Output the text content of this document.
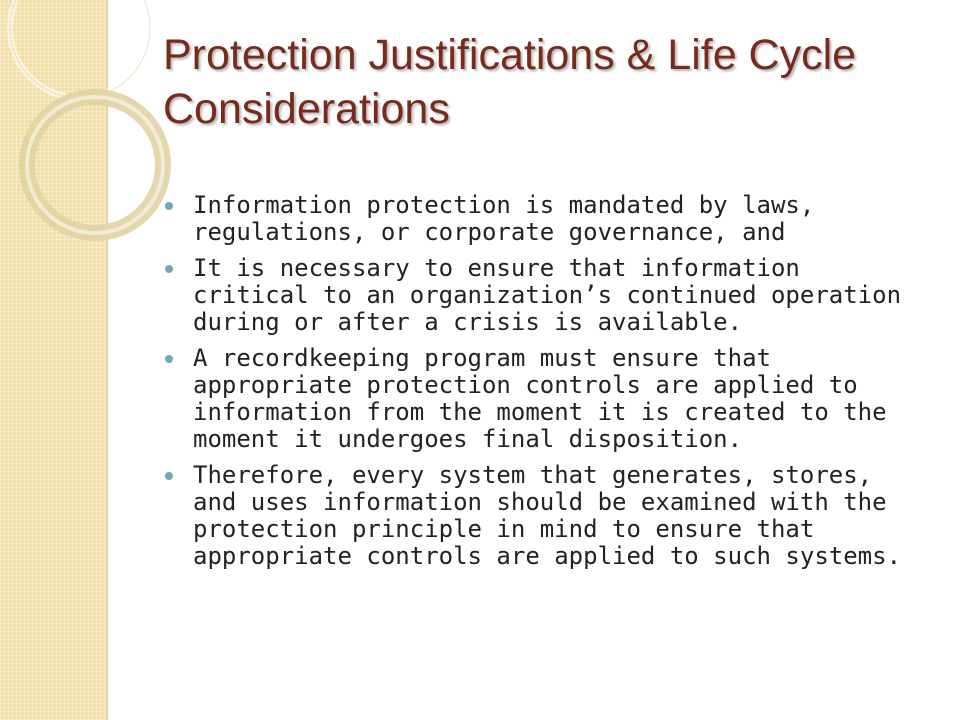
Protection Justifications & Life Cycle Considerations
Information protection is mandated by laws, regulations, or corporate governance, and
It is necessary to ensure that information critical to an organization’s continued operation during or after a crisis is available.
A recordkeeping program must ensure that appropriate protection controls are applied to information from the moment it is created to the moment it undergoes final disposition.
Therefore, every system that generates, stores, and uses information should be examined with the protection principle in mind to ensure that appropriate controls are applied to such systems.
